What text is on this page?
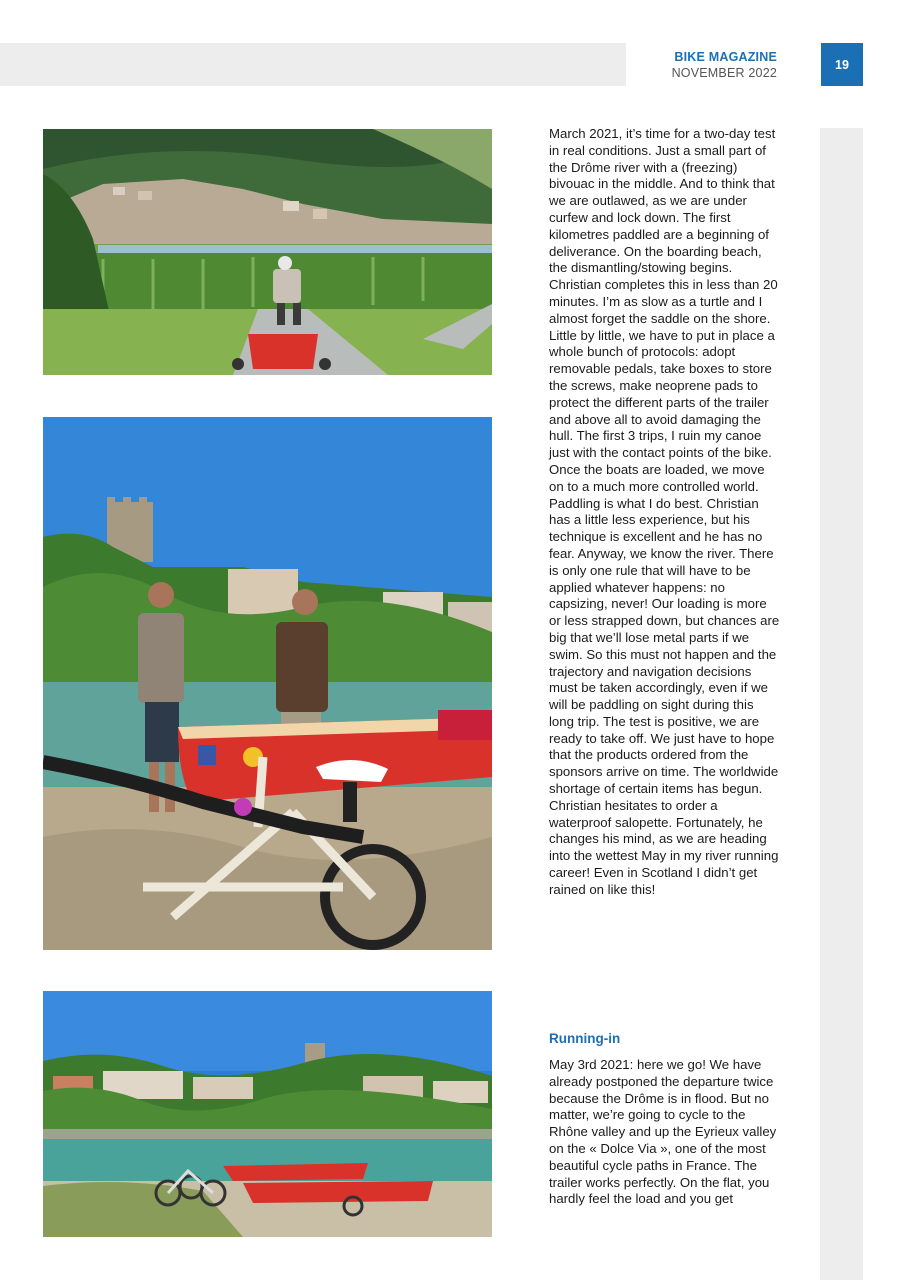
BIKE MAGAZINE
NOVEMBER 2022
19

March 2021, it’s time for a two-day test in real conditions. Just a small part of the Drôme river with a (freezing) bivouac in the middle. And to think that we are outlawed, as we are under curfew and lock down. The first kilometres paddled are a beginning of deliverance. On the boarding beach, the dismantling/stowing begins. Christian completes this in less than 20 minutes. I’m as slow as a turtle and I almost forget the saddle on the shore. Little by little, we have to put in place a whole bunch of protocols: adopt removable pedals, take boxes to store the screws, make neoprene pads to protect the different parts of the trailer and above all to avoid damaging the hull. The first 3 trips, I ruin my canoe just with the contact points of the bike. Once the boats are loaded, we move on to a much more controlled world. Paddling is what I do best. Christian has a little less experience, but his technique is excellent and he has no fear. Anyway, we know the river. There is only one rule that will have to be applied whatever happens: no capsizing, never! Our loading is more or less strapped down, but chances are big that we’ll lose metal parts if we swim. So this must not happen and the trajectory and navigation decisions must be taken accordingly, even if we will be paddling on sight during this long trip. The test is positive, we are ready to take off. We just have to hope that the products ordered from the sponsors arrive on time. The worldwide shortage of certain items has begun. Christian hesitates to order a waterproof salopette. Fortunately, he changes his mind, as we are heading into the wettest May in my river running career! Even in Scotland I didn’t get rained on like this!

Running-in

May 3rd 2021: here we go! We have already postponed the departure twice because the Drôme is in flood. But no matter, we’re going to cycle to the Rhône valley and up the Eyrieux valley on the « Dolce Via », one of the most beautiful cycle paths in France. The trailer works perfectly. On the flat, you hardly feel the load and you get
